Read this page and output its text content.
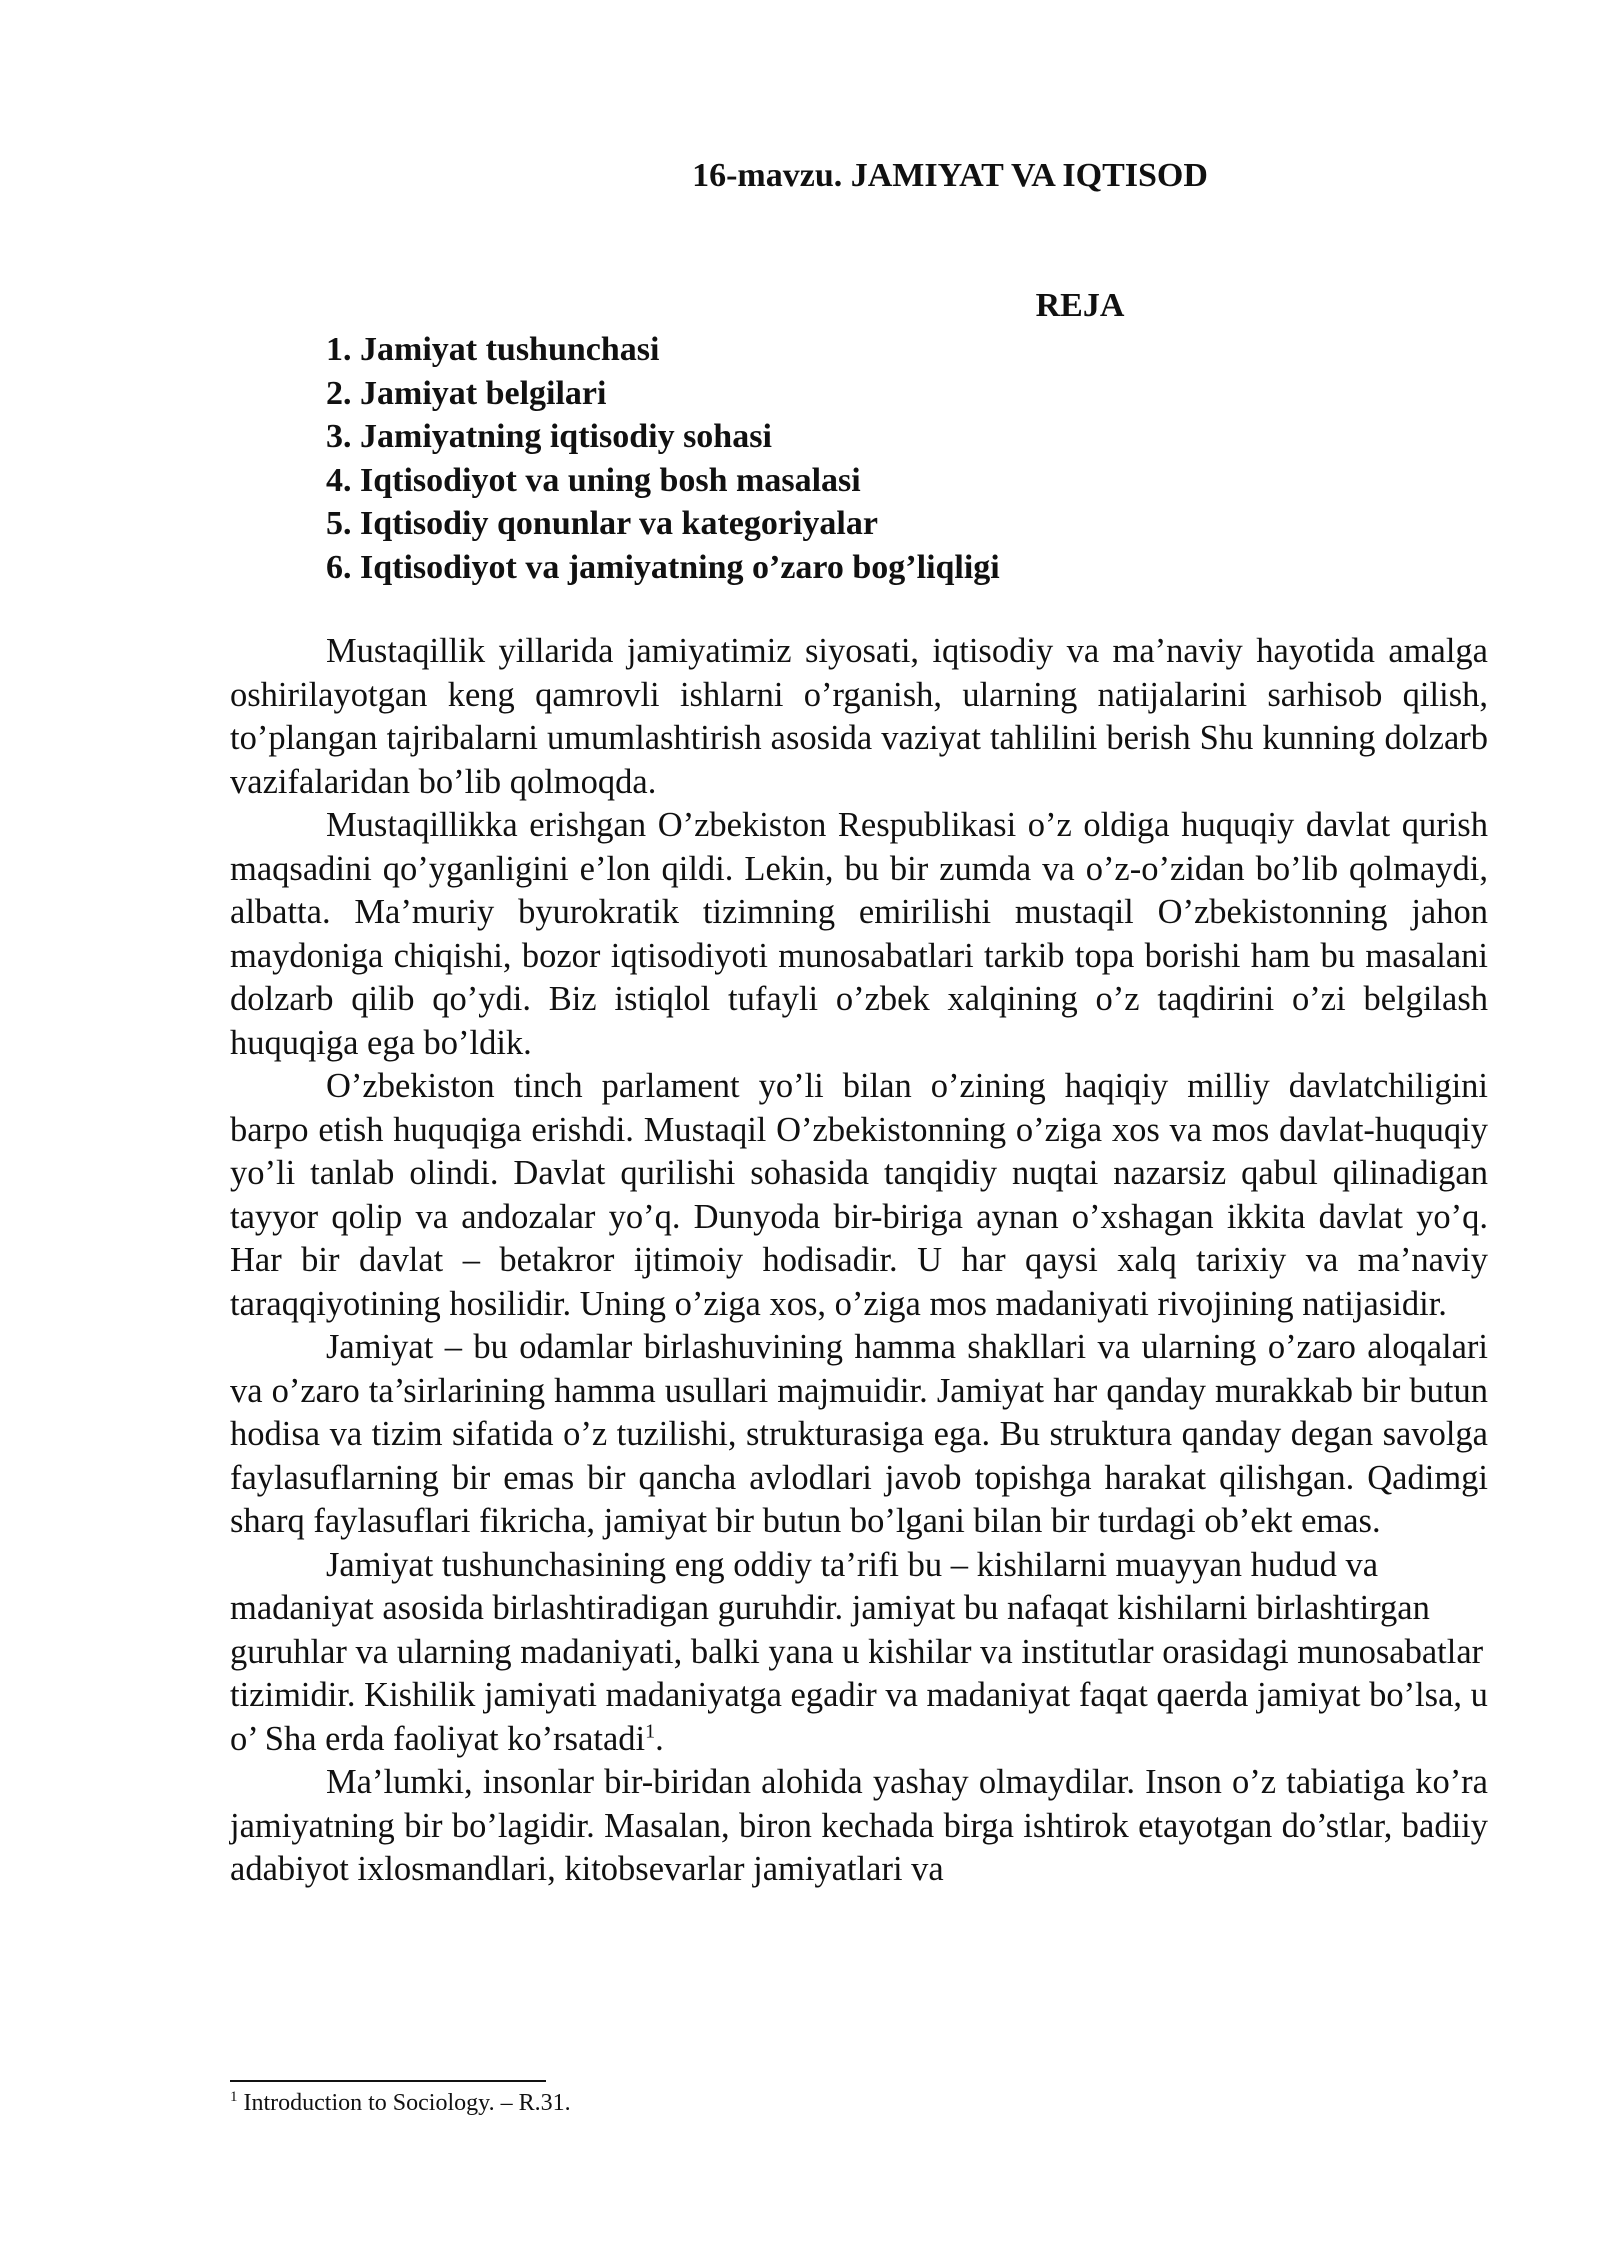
16-mavzu. JAMIYAT VA IQTISOD
REJA
1. Jamiyat tushunchasi
2. Jamiyat belgilari
3. Jamiyatning iqtisodiy sohasi
4. Iqtisodiyot va uning bosh masalasi
5. Iqtisodiy qonunlar va kategoriyalar
6. Iqtisodiyot va jamiyatning o’zaro bog’liqligi

Mustaqillik yillarida jamiyatimiz siyosati, iqtisodiy va ma’naviy hayotida amalga oshirilayotgan keng qamrovli ishlarni o’rganish, ularning natijalarini sarhisob qilish, to’plangan tajribalarni umumlashtirish asosida vaziyat tahlilini berish Shu kunning dolzarb vazifalaridan bo’lib qolmoqda.

Mustaqillikka erishgan O’zbekiston Respublikasi o’z oldiga huquqiy davlat qurish maqsadini qo’yganligini e’lon qildi. Lekin, bu bir zumda va o’z-o’zidan bo’lib qolmaydi, albatta. Ma’muriy byurokratik tizimning emirilishi mustaqil O’zbekistonning jahon maydoniga chiqishi, bozor iqtisodiyoti munosabatlari tarkib topa borishi ham bu masalani dolzarb qilib qo’ydi. Biz istiqlol tufayli o’zbek xalqining o’z taqdirini o’zi belgilash huquqiga ega bo’ldik.

O’zbekiston tinch parlament yo’li bilan o’zining haqiqiy milliy davlatchiligini barpo etish huquqiga erishdi. Mustaqil O’zbekistonning o’ziga xos va mos davlat-huquqiy yo’li tanlab olindi. Davlat qurilishi sohasida tanqidiy nuqtai nazarsiz qabul qilinadigan tayyor qolip va andozalar yo’q. Dunyoda bir-biriga aynan o’xshagan ikkita davlat yo’q. Har bir davlat – betakror ijtimoiy hodisadir. U har qaysi xalq tarixiy va ma’naviy taraqqiyotining hosilidir. Uning o’ziga xos, o’ziga mos madaniyati rivojining natijasidir.

Jamiyat – bu odamlar birlashuvining hamma shakllari va ularning o’zaro aloqalari va o’zaro ta’sirlarining hamma usullari majmuidir. Jamiyat har qanday murakkab bir butun hodisa va tizim sifatida o’z tuzilishi, strukturasiga ega. Bu struktura qanday degan savolga faylasuflarning bir emas bir qancha avlodlari javob topishga harakat qilishgan. Qadimgi sharq faylasuflari fikricha, jamiyat bir butun bo’lgani bilan bir turdagi ob’ekt emas.

Jamiyat tushunchasining eng oddiy ta’rifi bu – kishilarni muayyan hudud va madaniyat asosida birlashtiradigan guruhdir. jamiyat bu nafaqat kishilarni birlashtirgan guruhlar va ularning madaniyati, balki yana u kishilar va institutlar orasidagi munosabatlar tizimidir. Kishilik jamiyati madaniyatga egadir va madaniyat faqat qaerda jamiyat bo’lsa, u o’ Sha erda faoliyat ko’rsatadi$^1$.

Ma’lumki, insonlar bir-biridan alohida yashay olmaydilar. Inson o’z tabiatiga ko’ra jamiyatning bir bo’lagidir. Masalan, biron kechada birga ishtirok etayotgan do’stlar, badiiy adabiyot ixlosmandlari, kitobsevarlar jamiyatlari va

$^1$ Introduction to Sociology. – R.31.
